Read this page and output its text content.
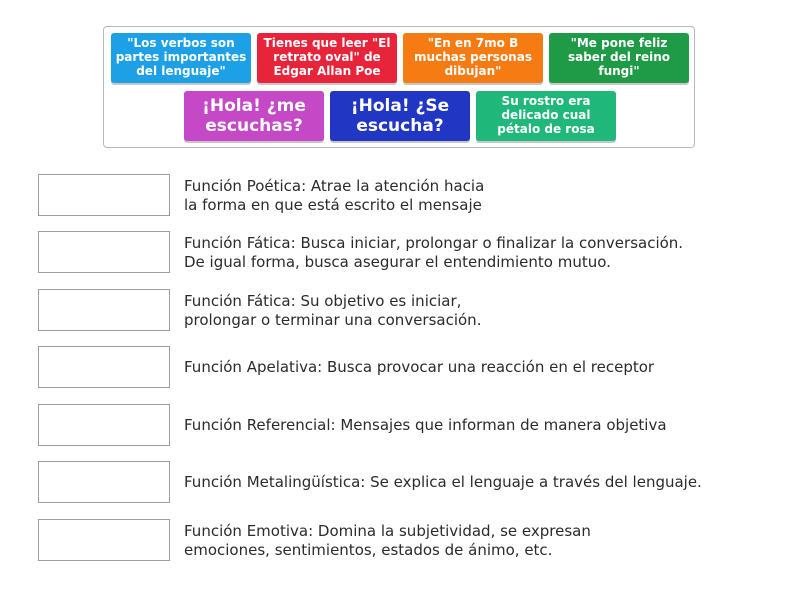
"Los verbos son partes importantes del lenguaje"
Tienes que leer "El retrato oval" de Edgar Allan Poe
"En en 7mo B muchas personas dibujan"
"Me pone feliz saber del reino fungi"
¡Hola! ¿me escuchas?
¡Hola! ¿Se escucha?
Su rostro era delicado cual pétalo de rosa
Función Poética: Atrae la atención hacia
la forma en que está escrito el mensaje
Función Fática: Busca iniciar, prolongar o finalizar la conversación.
De igual forma, busca asegurar el entendimiento mutuo.
Función Fática: Su objetivo es iniciar,
prolongar o terminar una conversación.
Función Apelativa: Busca provocar una reacción en el receptor
Función Referencial: Mensajes que informan de manera objetiva
Función Metalingüística: Se explica el lenguaje a través del lenguaje.
Función Emotiva: Domina la subjetividad, se expresan
emociones, sentimientos, estados de ánimo, etc.
